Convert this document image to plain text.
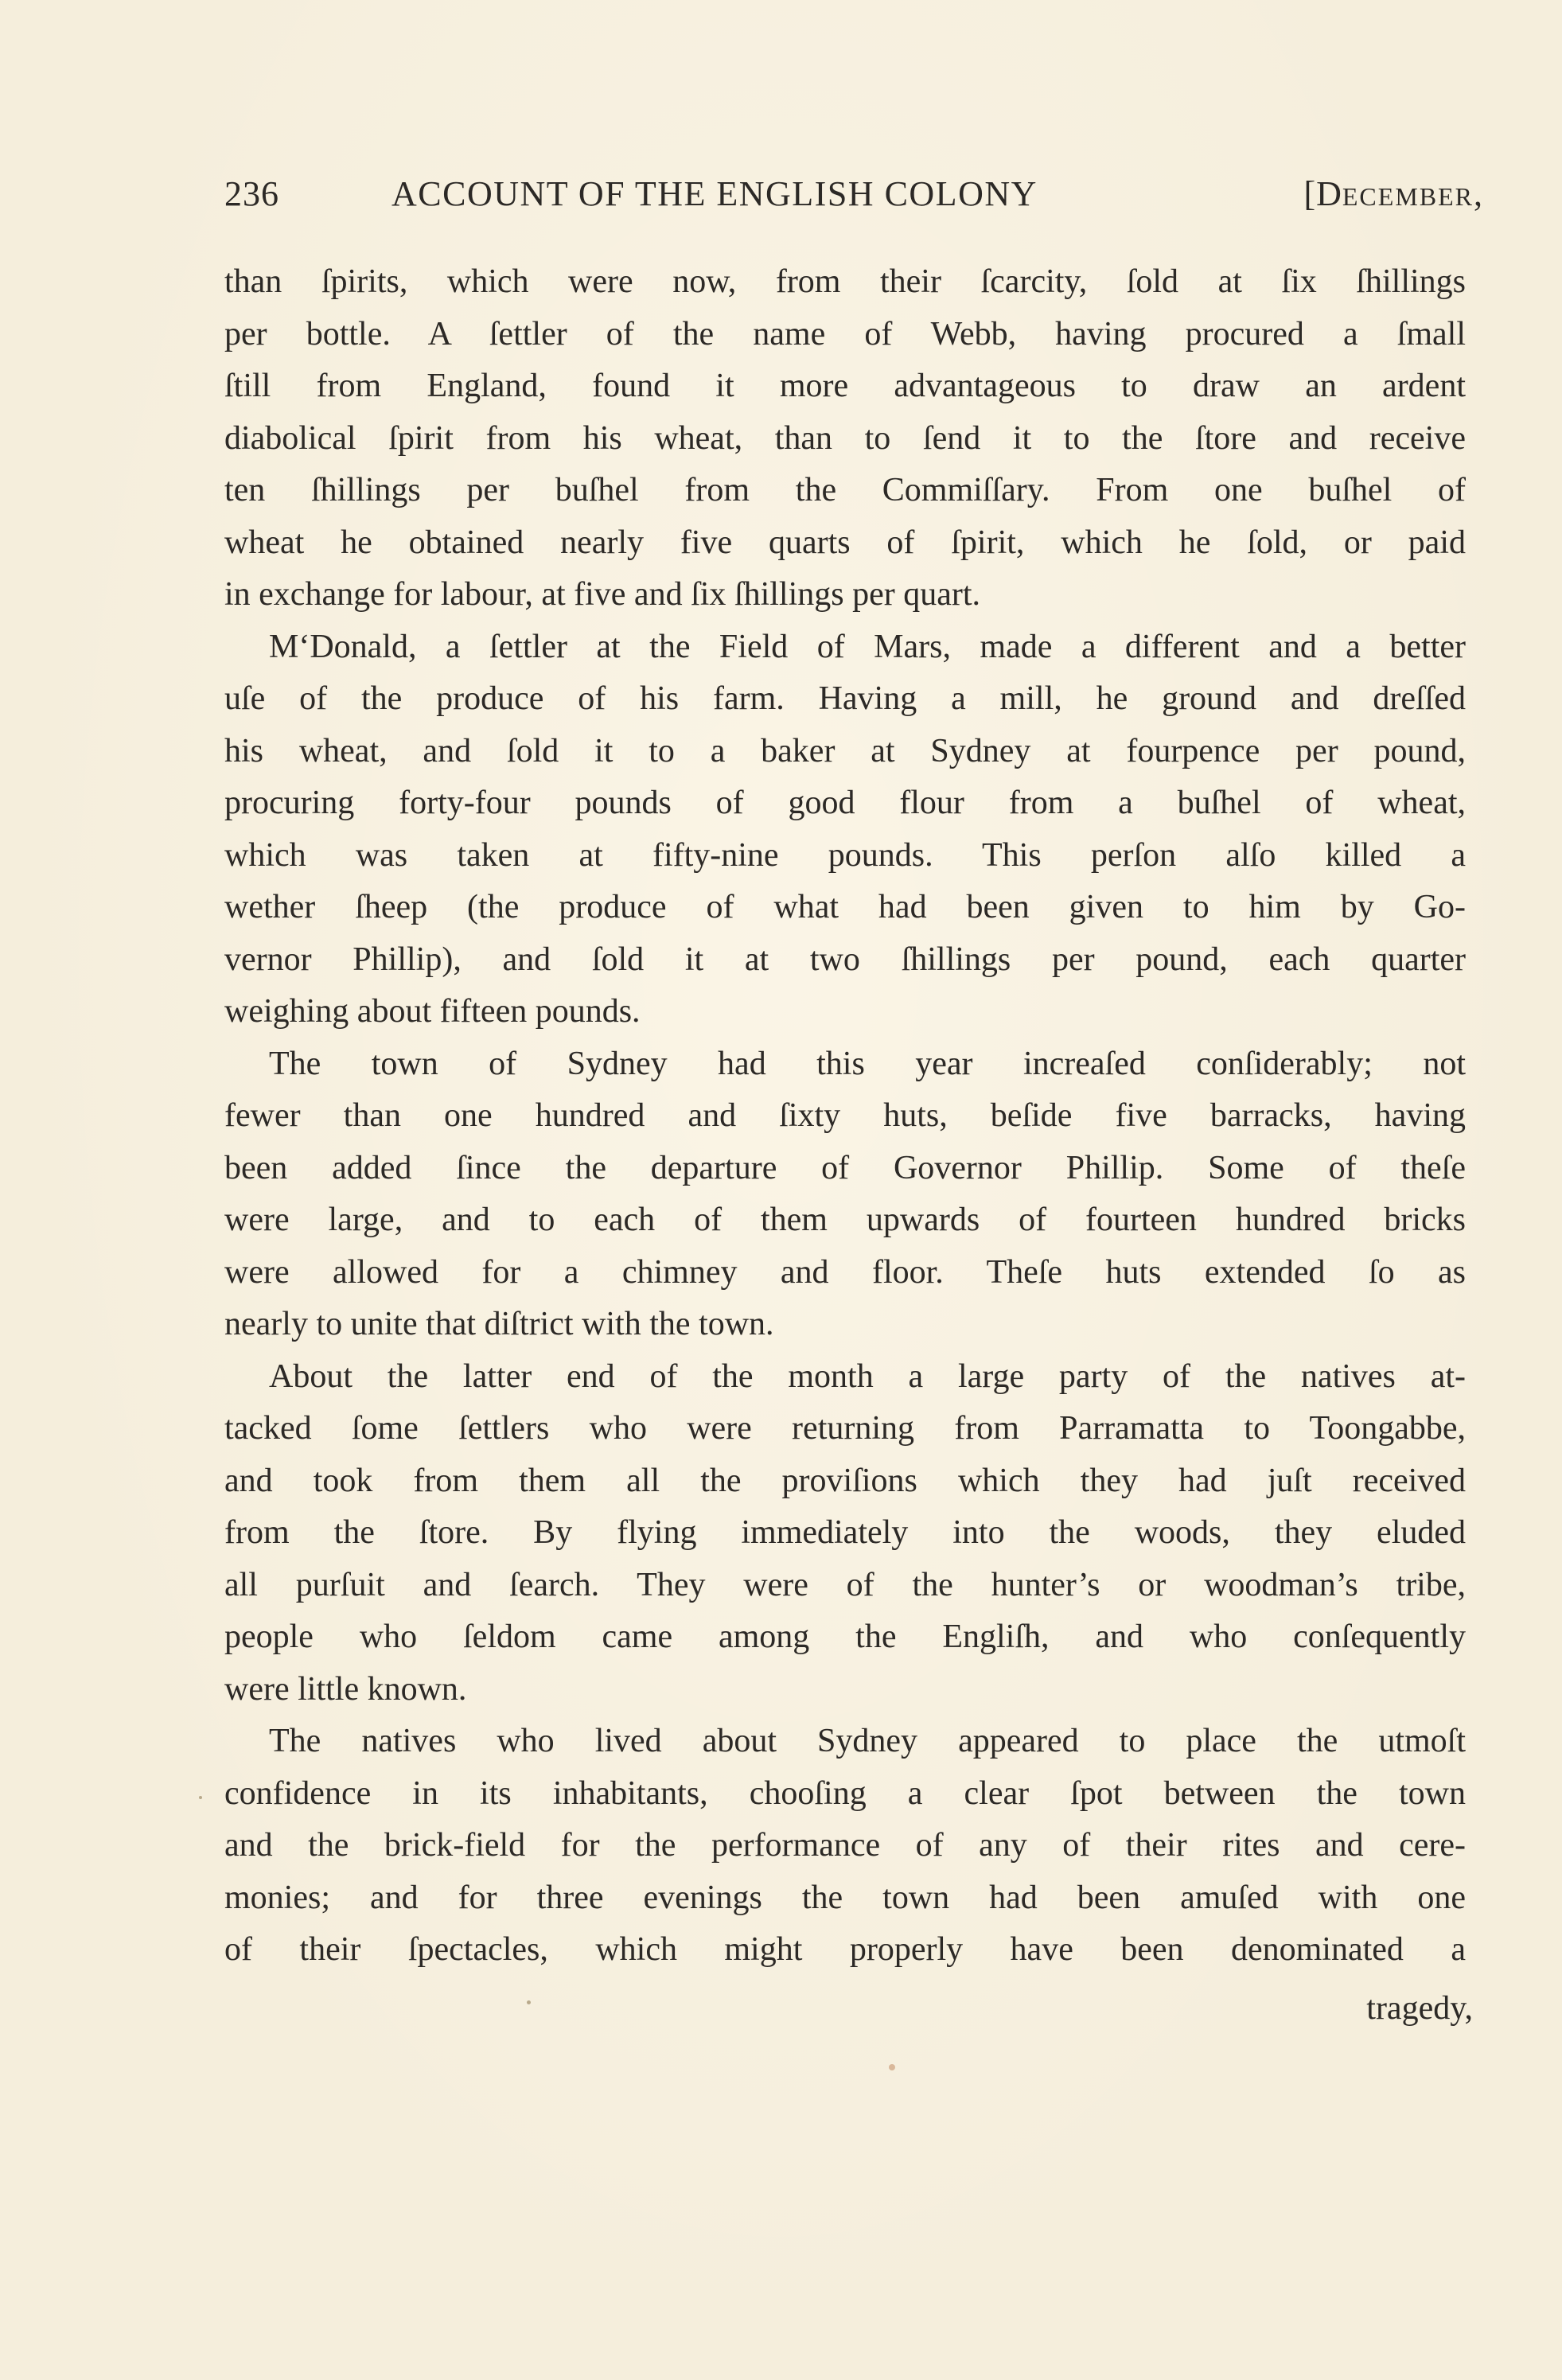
236	ACCOUNT OF THE ENGLISH COLONY	[DECEMBER,
than ſpirits, which were now, from their ſcarcity, ſold at ſix ſhillings
per bottle. A ſettler of the name of Webb, having procured a ſmall
ſtill from England, found it more advantageous to draw an ardent
diabolical ſpirit from his wheat, than to ſend it to the ſtore and receive
ten ſhillings per buſhel from the Commiſſary. From one buſhel of
wheat he obtained nearly five quarts of ſpirit, which he ſold, or paid
in exchange for labour, at five and ſix ſhillings per quart.
M‘Donald, a ſettler at the Field of Mars, made a different and a better
uſe of the produce of his farm. Having a mill, he ground and dreſſed
his wheat, and ſold it to a baker at Sydney at fourpence per pound,
procuring forty-four pounds of good flour from a buſhel of wheat,
which was taken at fifty-nine pounds. This perſon alſo killed a
wether ſheep (the produce of what had been given to him by Go-
vernor Phillip), and ſold it at two ſhillings per pound, each quarter
weighing about fifteen pounds.
The town of Sydney had this year increaſed conſiderably; not
fewer than one hundred and ſixty huts, beſide five barracks, having
been added ſince the departure of Governor Phillip. Some of theſe
were large, and to each of them upwards of fourteen hundred bricks
were allowed for a chimney and floor. Theſe huts extended ſo as
nearly to unite that diſtrict with the town.
About the latter end of the month a large party of the natives at-
tacked ſome ſettlers who were returning from Parramatta to Toongabbe,
and took from them all the proviſions which they had juſt received
from the ſtore. By flying immediately into the woods, they eluded
all purſuit and ſearch. They were of the hunter’s or woodman’s tribe,
people who ſeldom came among the Engliſh, and who conſequently
were little known.
The natives who lived about Sydney appeared to place the utmoſt
confidence in its inhabitants, chooſing a clear ſpot between the town
and the brick-field for the performance of any of their rites and cere-
monies; and for three evenings the town had been amuſed with one
of their ſpectacles, which might properly have been denominated a
tragedy,
